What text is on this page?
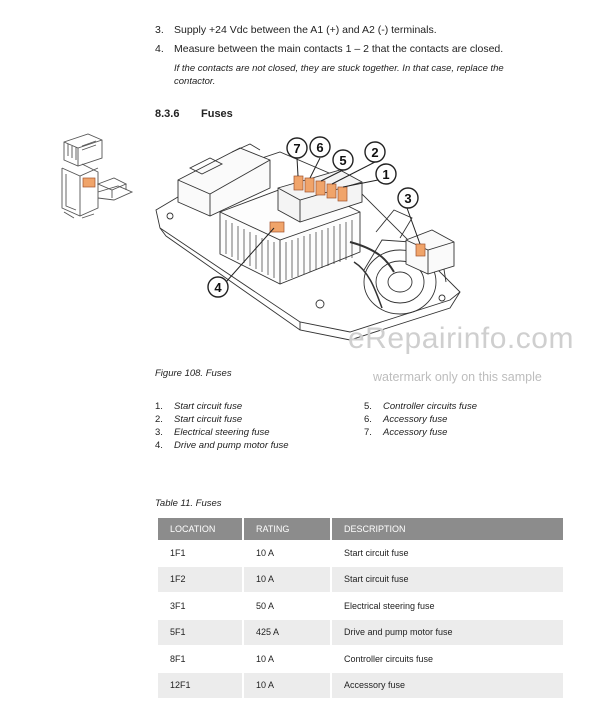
3. Supply +24 Vdc between the A1 (+) and A2 (-) terminals.
4. Measure between the main contacts 1 – 2 that the contacts are closed.
If the contacts are not closed, they are stuck together. In that case, replace the
contactor.
8.3.6 Fuses
7 6
5
2
1
3
4
eRepairinfo.com
watermark only on this sample
Figure 108. Fuses
1. Start circuit fuse
2. Start circuit fuse
3. Electrical steering fuse
4. Drive and pump motor fuse
5. Controller circuits fuse
6. Accessory fuse
7. Accessory fuse
Table 11. Fuses
LOCATION	RATING	DESCRIPTION
1F1	10 A	Start circuit fuse
1F2	10 A	Start circuit fuse
3F1	50 A	Electrical steering fuse
5F1	425 A	Drive and pump motor fuse
8F1	10 A	Controller circuits fuse
12F1	10 A	Accessory fuse
